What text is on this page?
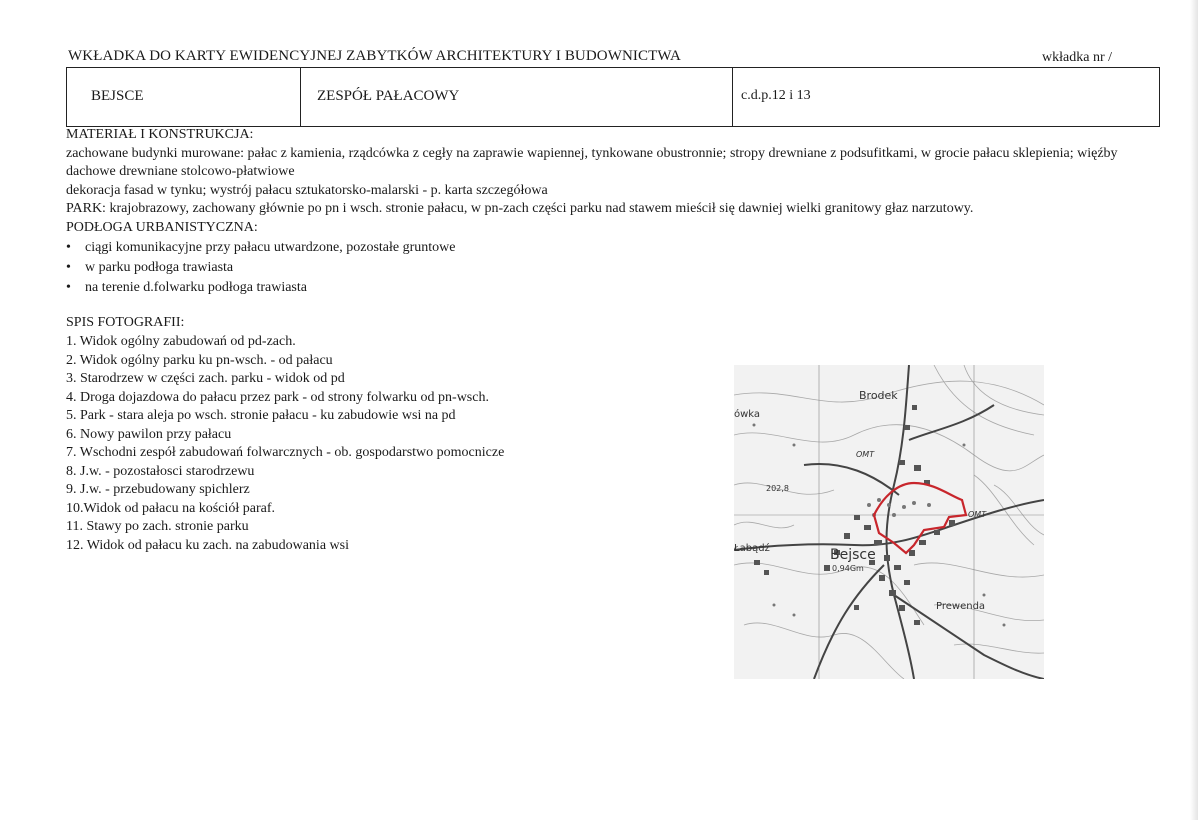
WKŁADKA DO KARTY EWIDENCYJNEJ ZABYTKÓW ARCHITEKTURY I BUDOWNICTWA	wkładka nr /
BEJSCE	ZESPÓŁ PAŁACOWY	c.d.p.12 i 13
MATERIAŁ I KONSTRUKCJA:
zachowane budynki murowane: pałac z kamienia, rządcówka z cegły na zaprawie wapiennej, tynkowane obustronnie; stropy drewniane z podsufitkami, w grocie pałacu sklepienia; więźby dachowe drewniane stolcowo-płatwiowe
dekoracja fasad w tynku; wystrój pałacu sztukatorsko-malarski - p. karta szczegółowa
PARK: krajobrazowy, zachowany głównie po pn i wsch. stronie pałacu, w pn-zach części parku nad stawem mieścił się dawniej wielki granitowy głaz narzutowy.
PODŁOGA URBANISTYCZNA:
• ciągi komunikacyjne przy pałacu utwardzone, pozostałe gruntowe
• w parku podłoga trawiasta
• na terenie d.folwarku podłoga trawiasta
SPIS FOTOGRAFII:
1. Widok ogólny zabudowań od pd-zach.
2. Widok ogólny parku ku pn-wsch. - od pałacu
3. Starodrzew w części zach. parku - widok od pd
4. Droga dojazdowa do pałacu przez park - od strony folwarku od pn-wsch.
5. Park - stara aleja po wsch. stronie pałacu - ku zabudowie wsi na pd
6. Nowy pawilon przy pałacu
7. Wschodni zespół zabudowań folwarcznych - ob. gospodarstwo pomocnicze
8. J.w. - pozostałosci starodrzewu
9. J.w. - przebudowany spichlerz
10.Widok od pałacu na kościół paraf.
11. Stawy po zach. stronie parku
12. Widok od pałacu ku zach. na zabudowania wsi
Brodek
ówka
OMT
OMT
202,8
Łabądź	Bejsce
0,94Gm
Prewenda
